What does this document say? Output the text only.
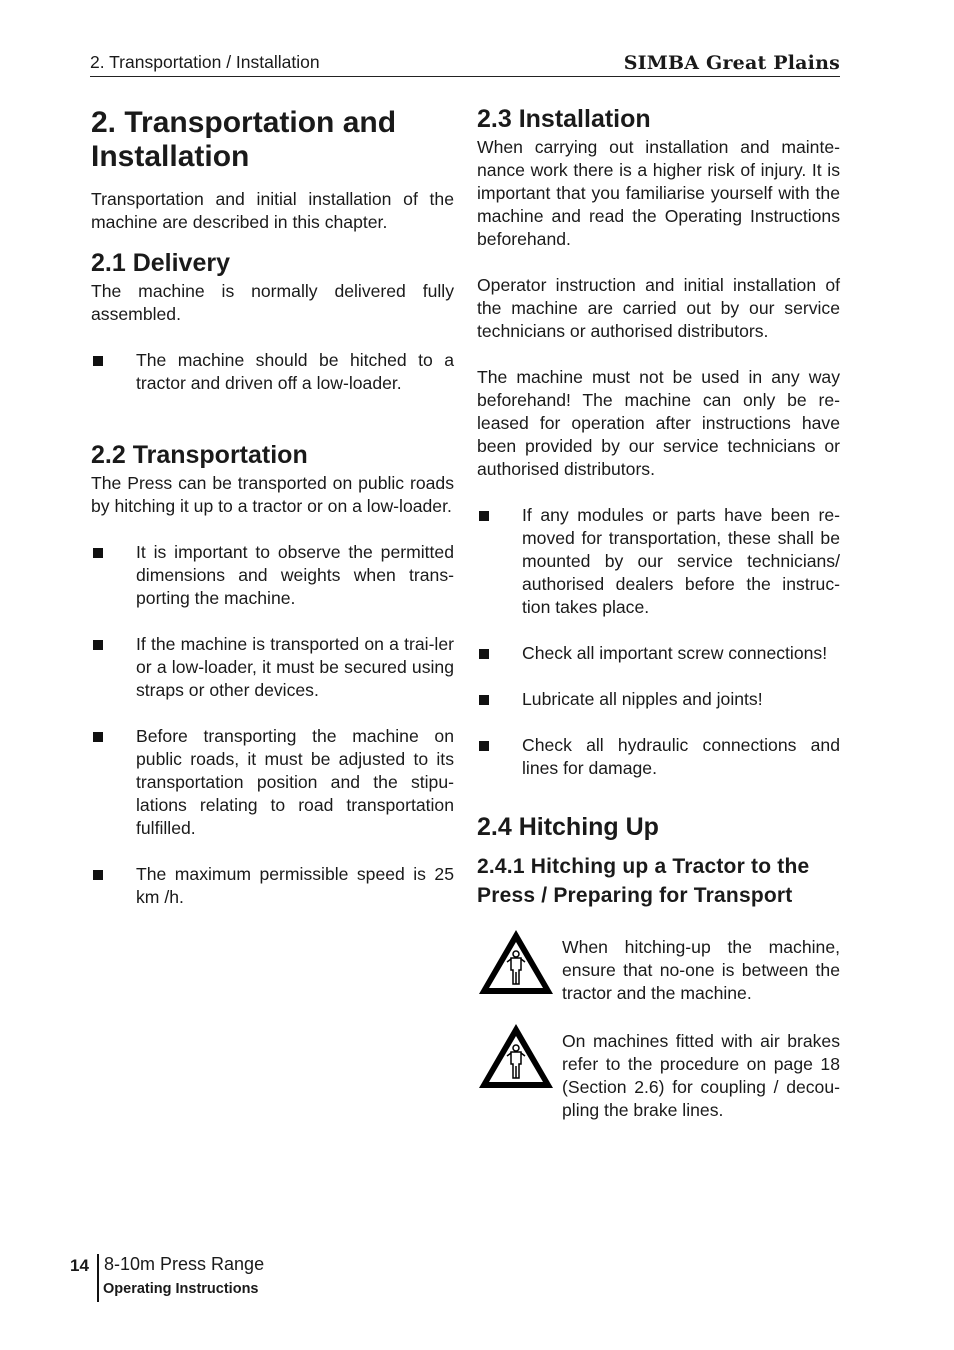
2. Transportation / Installation	SIMBA Great Plains
2. Transportation and Installation

Transportation and initial installation of the machine are described in this chapter.

2.1 Delivery

The machine is normally delivered fully assembled.

The machine should be hitched to a tractor and driven off a low-loader.
2.2 Transportation

The Press can be transported on public roads by hitching it up to a tractor or on a low-loader.

It is important to observe the permitted dimensions and weights when trans-porting the machine.
If the machine is transported on a trai-ler or a low-loader, it must be secured using straps or other devices.
Before transporting the machine on public roads, it must be adjusted to its transportation position and the stipu-lations relating to road transportation fulfilled.
The maximum permissible speed is 25 km /h.
2.3 Installation

When carrying out installation and mainte-nance work there is a higher risk of injury. It is important that you familiarise yourself with the machine and read the Operating Instructions beforehand.

Operator instruction and initial installation of the machine are carried out by our service technicians or authorised distributors.

The machine must not be used in any way beforehand! The machine can only be re-leased for operation after instructions have been provided by our service technicians or authorised distributors.

If any modules or parts have been re-moved for transportation, these shall be mounted by our service technicians/ authorised dealers before the instruc-tion takes place.
Check all important screw connections!
Lubricate all nipples and joints!
Check all hydraulic connections and lines for damage.
2.4 Hitching Up
2.4.1 Hitching up a Tractor to the Press / Preparing for Transport

When hitching-up the machine, ensure that no-one is between the tractor and the machine.

On machines fitted with air brakes refer to the procedure on page 18 (Section 2.6) for coupling / decou-pling the brake lines.

14 8-10m Press Range
Operating Instructions
